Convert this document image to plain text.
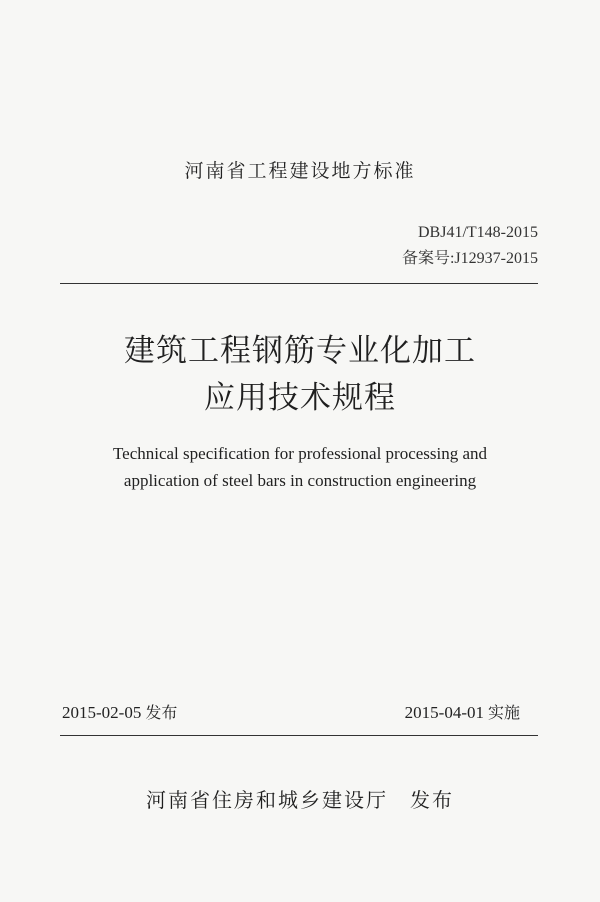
河南省工程建设地方标准
DBJ41/T148-2015
备案号:J12937-2015
建筑工程钢筋专业化加工
应用技术规程
Technical specification for professional processing and
application of steel bars in construction engineering
2015-02-05 发布	2015-04-01 实施
河南省住房和城乡建设厅 发布
